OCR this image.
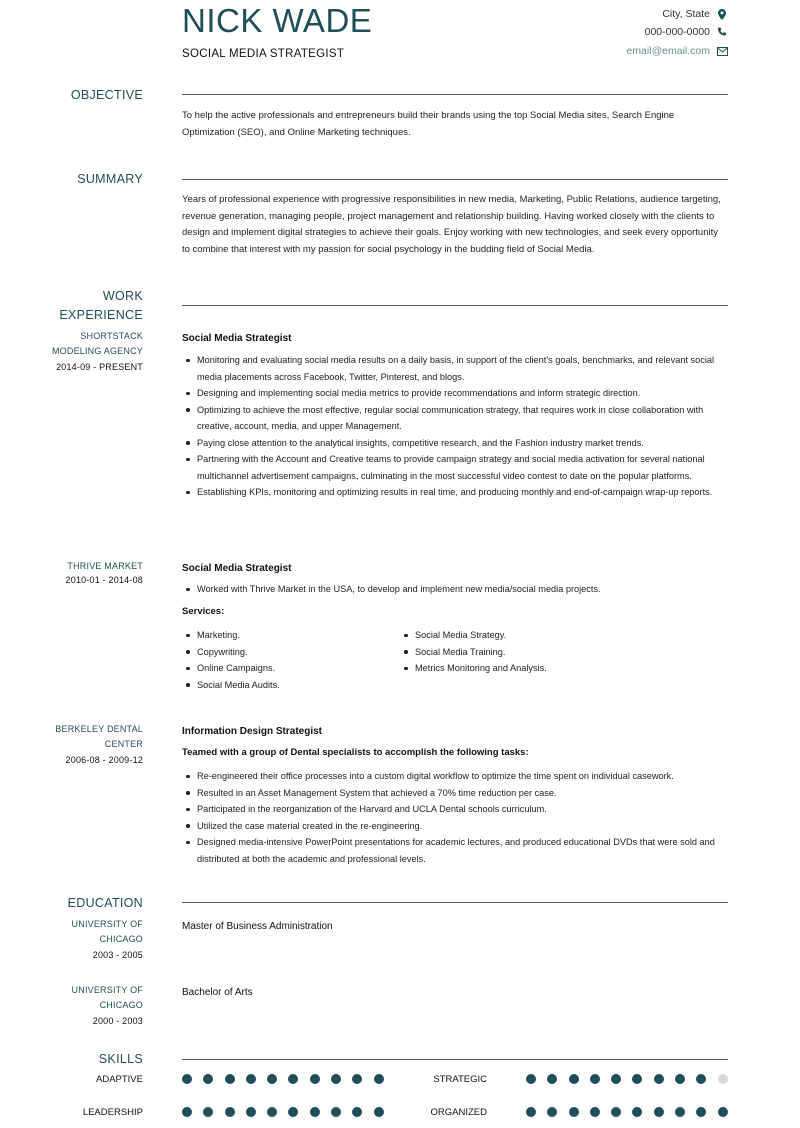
NICK WADE
SOCIAL MEDIA STRATEGIST
City, State
000-000-0000
email@email.com
OBJECTIVE
To help the active professionals and entrepreneurs build their brands using the top Social Media sites, Search Engine Optimization (SEO), and Online Marketing techniques.
SUMMARY
Years of professional experience with progressive responsibilities in new media, Marketing, Public Relations, audience targeting, revenue generation, managing people, project management and relationship building. Having worked closely with the clients to design and implement digital strategies to achieve their goals. Enjoy working with new technologies, and seek every opportunity to combine that interest with my passion for social psychology in the budding field of Social Media.
WORK
EXPERIENCE
SHORTSTACK
MODELING AGENCY
2014-09 - PRESENT
Social Media Strategist
Monitoring and evaluating social media results on a daily basis, in support of the client's goals, benchmarks, and relevant social media placements across Facebook, Twitter, Pinterest, and blogs.
Designing and implementing social media metrics to provide recommendations and inform strategic direction.
Optimizing to achieve the most effective, regular social communication strategy, that requires work in close collaboration with creative, account, media, and upper Management.
Paying close attention to the analytical insights, competitive research, and the Fashion industry market trends.
Partnering with the Account and Creative teams to provide campaign strategy and social media activation for several national multichannel advertisement campaigns, culminating in the most successful video contest to date on the popular platforms.
Establishing KPIs, monitoring and optimizing results in real time, and producing monthly and end-of-campaign wrap-up reports.
THRIVE MARKET
2010-01 - 2014-08
Social Media Strategist
Worked with Thrive Market in the USA, to develop and implement new media/social media projects.
Services:
Marketing.
Copywriting.
Online Campaigns.
Social Media Audits.
Social Media Strategy.
Social Media Training.
Metrics Monitoring and Analysis.
BERKELEY DENTAL
CENTER
2006-08 - 2009-12
Information Design Strategist
Teamed with a group of Dental specialists to accomplish the following tasks:
Re-engineered their office processes into a custom digital workflow to optimize the time spent on individual casework.
Resulted in an Asset Management System that achieved a 70% time reduction per case.
Participated in the reorganization of the Harvard and UCLA Dental schools curriculum.
Utilized the case material created in the re-engineering.
Designed media-intensive PowerPoint presentations for academic lectures, and produced educational DVDs that were sold and distributed at both the academic and professional levels.
EDUCATION
UNIVERSITY OF
CHICAGO
2003 - 2005
Master of Business Administration
UNIVERSITY OF
CHICAGO
2000 - 2003
Bachelor of Arts
SKILLS
ADAPTIVE	STRATEGIC
LEADERSHIP	ORGANIZED
